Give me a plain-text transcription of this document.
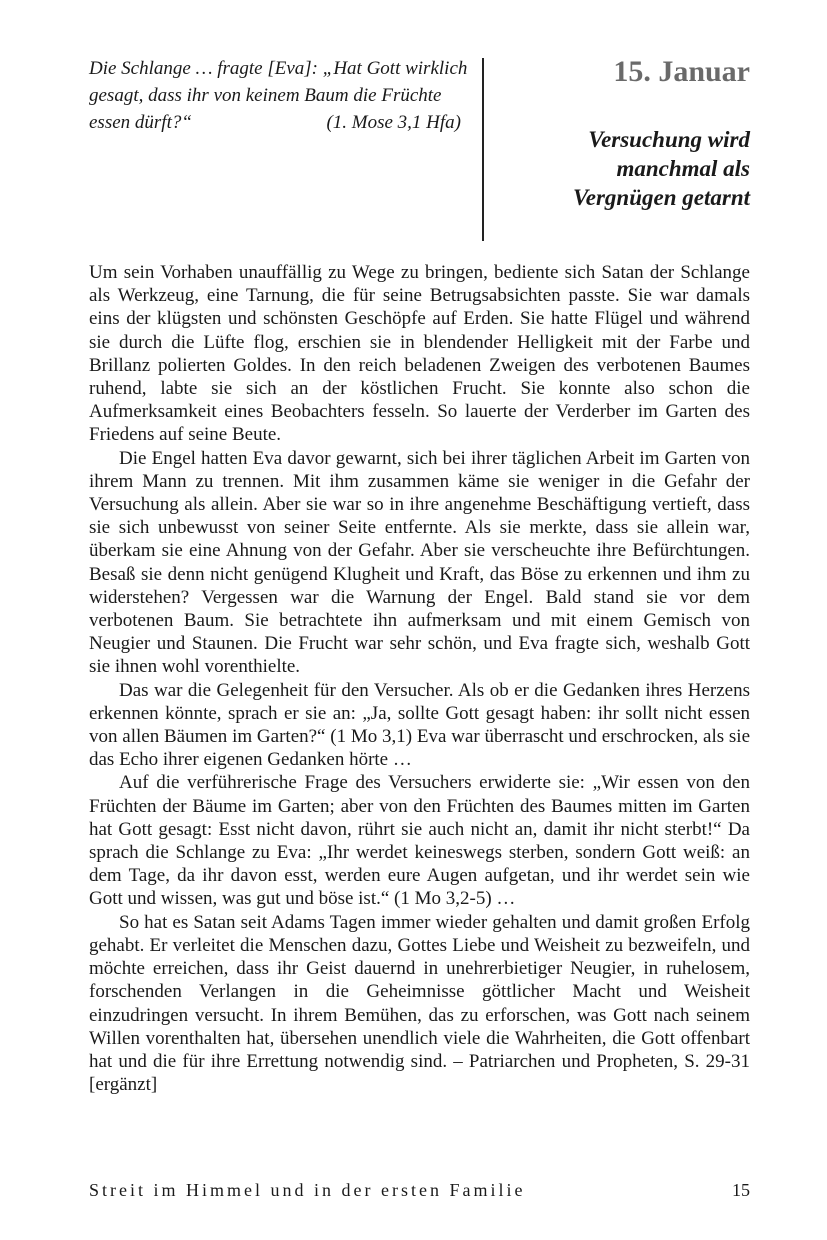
Die Schlange … fragte [Eva]: „Hat Gott wirklich
gesagt, dass ihr von keinem Baum die Früchte
essen dürft?“	(1. Mose 3,1 Hfa)
15. Januar
Versuchung wird
manchmal als
Vergnügen getarnt

Um sein Vorhaben unauffällig zu Wege zu bringen, bediente sich Satan der Schlange als Werkzeug, eine Tarnung, die für seine Betrugsabsichten passte. Sie war damals eins der klügsten und schönsten Geschöpfe auf Erden. Sie hatte Flügel und während sie durch die Lüfte flog, erschien sie in blendender Helligkeit mit der Farbe und Brillanz polierten Goldes. In den reich beladenen Zweigen des verbotenen Baumes ruhend, labte sie sich an der köstlichen Frucht. Sie konnte also schon die Aufmerksamkeit eines Beobachters fesseln. So lauerte der Verderber im Garten des Friedens auf seine Beute.

Die Engel hatten Eva davor gewarnt, sich bei ihrer täglichen Arbeit im Garten von ihrem Mann zu trennen. Mit ihm zusammen käme sie weniger in die Gefahr der Versuchung als allein. Aber sie war so in ihre angenehme Beschäftigung vertieft, dass sie sich unbewusst von seiner Seite entfernte. Als sie merkte, dass sie allein war, überkam sie eine Ahnung von der Gefahr. Aber sie verscheuchte ihre Befürchtungen. Besaß sie denn nicht genügend Klugheit und Kraft, das Böse zu erkennen und ihm zu widerstehen? Vergessen war die Warnung der Engel. Bald stand sie vor dem verbotenen Baum. Sie betrachtete ihn aufmerksam und mit einem Gemisch von Neugier und Staunen. Die Frucht war sehr schön, und Eva fragte sich, weshalb Gott sie ihnen wohl vorenthielte.

Das war die Gelegenheit für den Versucher. Als ob er die Gedanken ihres Herzens erkennen könnte, sprach er sie an: „Ja, sollte Gott gesagt haben: ihr sollt nicht essen von allen Bäumen im Garten?“ (1 Mo 3,1) Eva war überrascht und erschrocken, als sie das Echo ihrer eigenen Gedanken hörte …

Auf die verführerische Frage des Versuchers erwiderte sie: „Wir essen von den Früchten der Bäume im Garten; aber von den Früchten des Baumes mitten im Garten hat Gott gesagt: Esst nicht davon, rührt sie auch nicht an, damit ihr nicht sterbt!“ Da sprach die Schlange zu Eva: „Ihr werdet keineswegs sterben, sondern Gott weiß: an dem Tage, da ihr davon esst, werden eure Augen aufgetan, und ihr werdet sein wie Gott und wissen, was gut und böse ist.“ (1 Mo 3,2-5) …

So hat es Satan seit Adams Tagen immer wieder gehalten und damit großen Erfolg gehabt. Er verleitet die Menschen dazu, Gottes Liebe und Weisheit zu bezweifeln, und möchte erreichen, dass ihr Geist dauernd in unehrerbietiger Neugier, in ruhelosem, forschenden Verlangen in die Geheimnisse göttlicher Macht und Weisheit einzudringen versucht. In ihrem Bemühen, das zu erforschen, was Gott nach seinem Willen vorenthalten hat, übersehen unendlich viele die Wahrheiten, die Gott offenbart hat und die für ihre Errettung notwendig sind. – Patriarchen und Propheten, S. 29-31 [ergänzt]

Streit im Himmel und in der ersten Familie	15
